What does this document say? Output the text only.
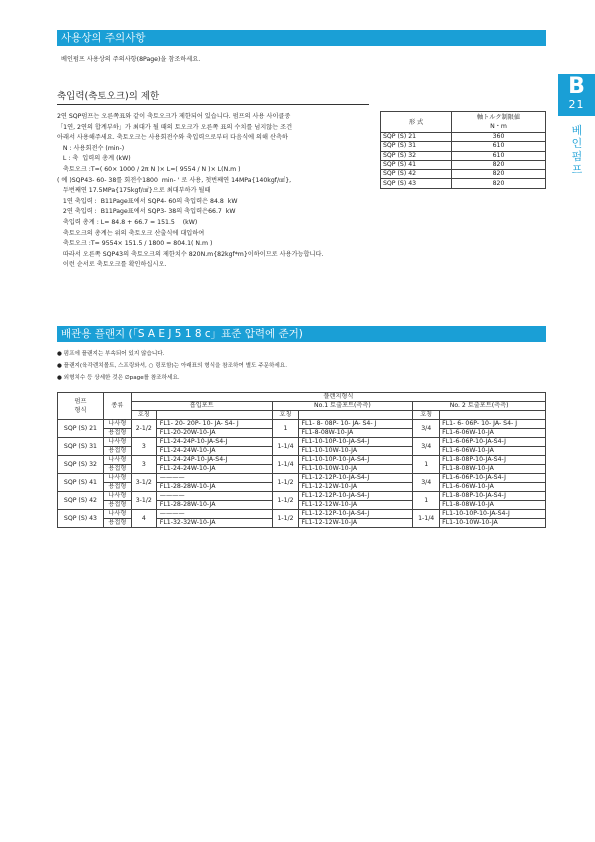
사용상의 주의사항
베인펌프 사용상의 주의사항(8Page)을 참조하세요.
B
21
베
인
펌
프
축입력(축토오크)의 제한
2연 SQP펌프는 오른쪽표와 같이 축토오크가 제한되어 있습니다. 펌프의 사용 사이클중
「1연, 2연의 합계부하」가 최대가 될 때의 토오크가 오른쪽 표의 수치를 넘지않는 조건
아래서 사용해주세요. 축토오크는 사용회전수와 축입력으로부터 다음식에 의해 산측하
N : 사용회전수 (min-)
L : 축  입력의 총계 (kW)
축토오크 :T=( 60× 1000 / 2π N )× L=( 9554 / N )× L(N.m )
( 예 )SQP43- 60- 38를 회전수1800  min- ' 로 사용, 첫번째연 14MPa{140kgf/㎠},
두번째연 17.5MPa{175kgf/㎠}으로 최대부하가 될때
1연 축입력 :  B11Page표에서 SQP4- 60의 축입력은 84.8  kW
2연 축입력 :  B11Page표에서 SQP3- 38의 축입력은66.7  kW
축입력 총계 : L= 84.8 + 66.7 = 151.5    (kW)
축토오크의 총계는 위의 축토오크 산출식에 대입하여
축토오크 :T= 9554× 151.5 / 1800 = 804.1( N.m )
따라서 오른쪽 SQP43의 축토오크의 제한치수 820N.m{82kgf*m}이하이므로 사용가능합니다.
이런 순서로 축토오크를 확인하십시오.
形 式	軸トルク制限値
N・m
SQP (S) 21	360
SQP (S) 31	610
SQP (S) 32	610
SQP (S) 41	820
SQP (S) 42	820
SQP (S) 43	820
배관용 플랜지 (「S A E J 5 1 8 c」표준 압력에 준거)
● 펌프에 플랜지는 부속되어 있지 않습니다.
● 플랜지(육각렌치볼트, 스프링와셔, ○ 링포함)는 아래표의 형식을 참조하여 별도 주문하세요.
● 외형치수 등 상세한 것은 ∅page를 참조하세요.
펌프
형식	종류	플랜지형식					
		흡입포트		No.1 토출포트(측측)		No. 2 토출포트(측측)	
		호칭		호칭		호칭	
SQP (S) 21	나사형	2-1/2	FL1- 20- 20P- 10- JA- S4- J	1	FL1- 8- 08P- 10- JA- S4- J	3/4	FL1- 6- 06P- 10- JA- S4- J
	용접형		FL1-20-20W-10-JA		FL1-8-08W-10-JA		FL1-6-06W-10-JA
SQP (S) 31	나사형	3	FL1-24-24P-10-JA-S4-J	1-1/4	FL1-10-10P-10-JA-S4-J	3/4	FL1-6-06P-10-JA-S4-J
	용접형		FL1-24-24W-10-JA		FL1-10-10W-10-JA		FL1-6-06W-10-JA
SQP (S) 32	나사형	3	FL1-24-24P-10-JA-S4-J	1-1/4	FL1-10-10P-10-JA-S4-J	1	FL1-8-08P-10-JA-S4-J
	용접형		FL1-24-24W-10-JA		FL1-10-10W-10-JA		FL1-8-08W-10-JA
SQP (S) 41	나사형	3-1/2	————	1-1/2	FL1-12-12P-10-JA-S4-J	3/4	FL1-6-06P-10-JA-S4-J
	용접형		FL1-28-28W-10-JA		FL1-12-12W-10-JA		FL1-6-06W-10-JA
SQP (S) 42	나사형	3-1/2	————	1-1/2	FL1-12-12P-10-JA-S4-J	1	FL1-8-08P-10-JA-S4-J
	용접형		FL1-28-28W-10-JA		FL1-12-12W-10-JA		FL1-8-08W-10-JA
SQP (S) 43	나사형	4	————	1-1/2	FL1-12-12P-10-JA-S4-J	1-1/4	FL1-10-10P-10-JA-S4-J
	용접형		FL1-32-32W-10-JA		FL1-12-12W-10-JA		FL1-10-10W-10-JA
